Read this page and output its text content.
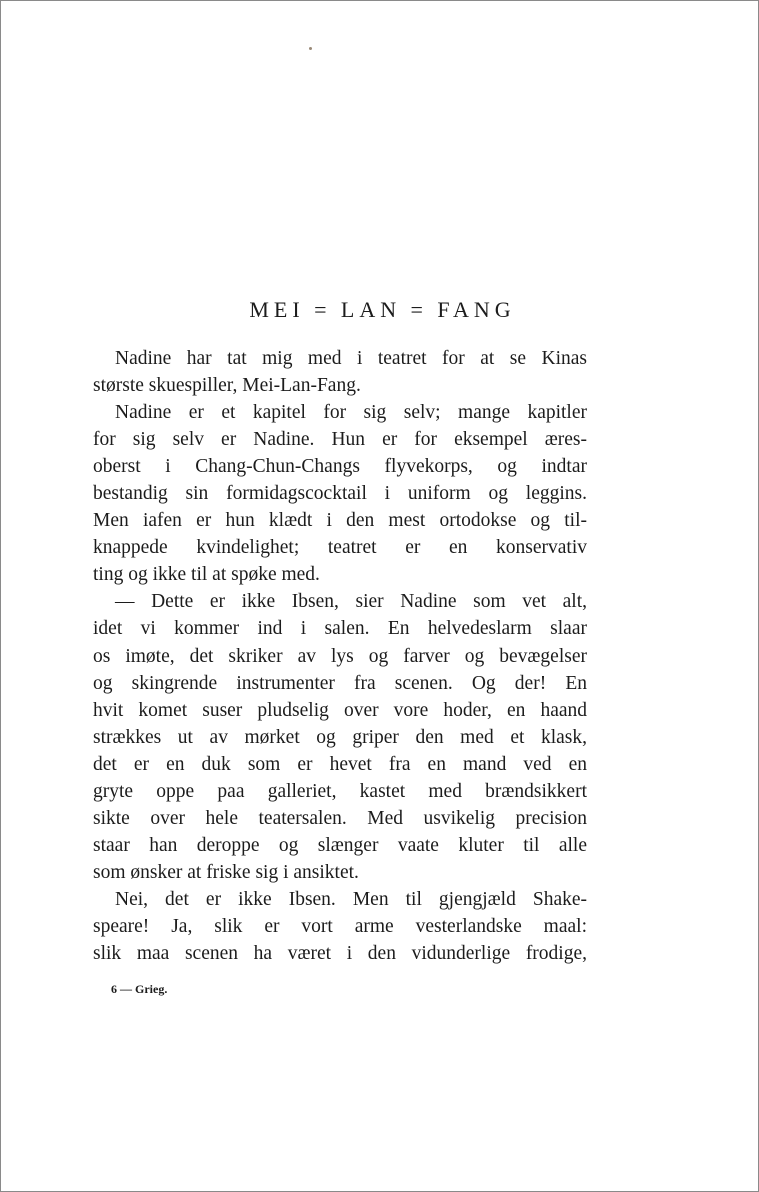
MEI = LAN = FANG
Nadine har tat mig med i teatret for at se Kinas
største skuespiller, Mei-Lan-Fang.
Nadine er et kapitel for sig selv; mange kapitler
for sig selv er Nadine. Hun er for eksempel æres-
oberst i Chang-Chun-Changs flyvekorps, og indtar
bestandig sin formidagscocktail i uniform og leggins.
Men iafen er hun klædt i den mest ortodokse og til-
knappede kvindelighet; teatret er en konservativ
ting og ikke til at spøke med.
— Dette er ikke Ibsen, sier Nadine som vet alt,
idet vi kommer ind i salen. En helvedeslarm slaar
os imøte, det skriker av lys og farver og bevægelser
og skingrende instrumenter fra scenen. Og der! En
hvit komet suser pludselig over vore hoder, en haand
strækkes ut av mørket og griper den med et klask,
det er en duk som er hevet fra en mand ved en
gryte oppe paa galleriet, kastet med brændsikkert
sikte over hele teatersalen. Med usvikelig precision
staar han deroppe og slænger vaate kluter til alle
som ønsker at friske sig i ansiktet.
Nei, det er ikke Ibsen. Men til gjengjæld Shake-
speare! Ja, slik er vort arme vesterlandske maal:
slik maa scenen ha været i den vidunderlige frodige,
6 — Grieg.
